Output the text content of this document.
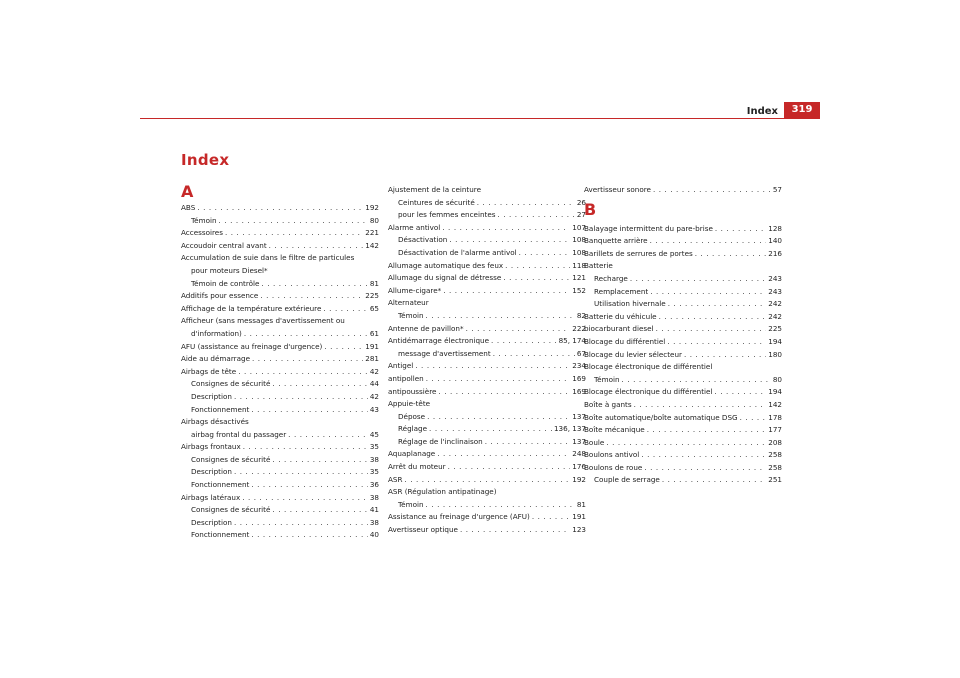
Index	319
Index
A
ABS . . .	192
Témoin . . .	80
Accessoires . . .	221
Accoudoir central avant . . .	142
Accumulation de suie dans le filtre de particules
pour moteurs Diesel*
Témoin de contrôle . . .	81
Additifs pour essence . . .	225
Affichage de la température extérieure . . .	65
Afficheur (sans messages d'avertissement ou
d'information) . . .	61
AFU (assistance au freinage d'urgence) . . .	191
Aide au démarrage . . .	281
Airbags de tête . . .	42
Consignes de sécurité . . .	44
Description . . .	42
Fonctionnement . . .	43
Airbags désactivés
airbag frontal du passager . . .	45
Airbags frontaux . . .	35
Consignes de sécurité . . .	38
Description . . .	35
Fonctionnement . . .	36
Airbags latéraux . . .	38
Consignes de sécurité . . .	41
Description . . .	38
Fonctionnement . . .	40
Ajustement de la ceinture
Ceintures de sécurité . . .	26
pour les femmes enceintes . . .	27
Alarme antivol . . .	107
Désactivation . . .	108
Désactivation de l'alarme antivol . . .	108
Allumage automatique des feux . . .	118
Allumage du signal de détresse . . .	121
Allume-cigare* . . .	152
Alternateur
Témoin . . .	82
Antenne de pavillon* . . .	222
Antidémarrage électronique . . .	85, 174
message d'avertissement . . .	67
Antigel . . .	234
antipollen . . .	169
antipoussière . . .	169
Appuie-tête
Dépose . . .	137
Réglage . . .	136, 137
Réglage de l'inclinaison . . .	137
Aquaplanage . . .	248
Arrêt du moteur . . .	176
ASR . . .	192
ASR (Régulation antipatinage)
Témoin . . .	81
Assistance au freinage d'urgence (AFU) . . .	191
Avertisseur optique . . .	123
Avertisseur sonore . . .	57
B
Balayage intermittent du pare-brise . . .	128
Banquette arrière . . .	140
Barillets de serrures de portes . . .	216
Batterie
Recharge . . .	243
Remplacement . . .	243
Utilisation hivernale . . .	242
Batterie du véhicule . . .	242
biocarburant diesel . . .	225
Blocage du différentiel . . .	194
Blocage du levier sélecteur . . .	180
Blocage électronique de différentiel
Témoin . . .	80
Blocage électronique du différentiel . . .	194
Boîte à gants . . .	142
Boîte automatique/boîte automatique DSG . . .	178
Boîte mécanique . . .	177
Boule . . .	208
Boulons antivol . . .	258
Boulons de roue . . .	258
Couple de serrage . . .	251
